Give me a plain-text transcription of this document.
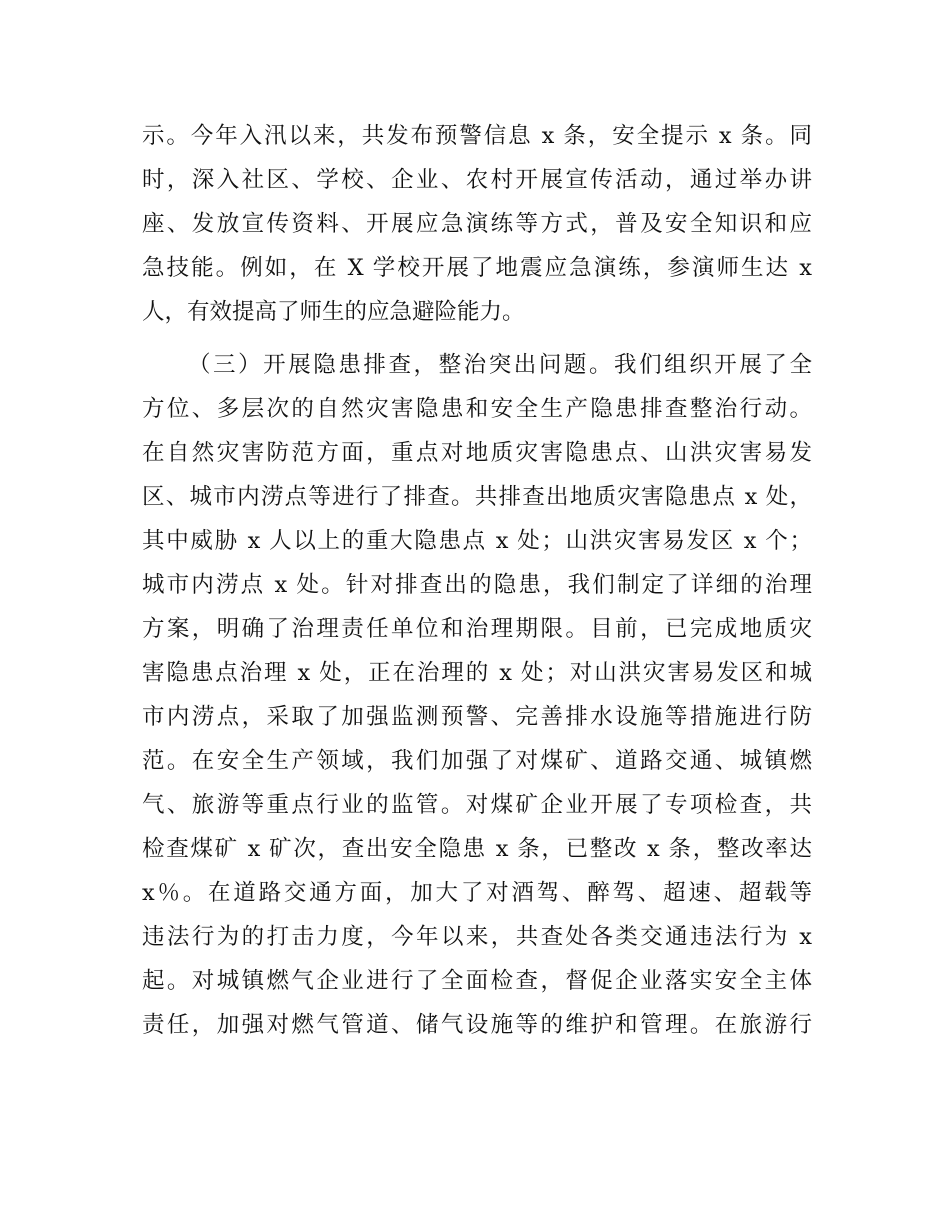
示。今年入汛以来，共发布预警信息 x 条，安全提示 x 条。同
时，深入社区、学校、企业、农村开展宣传活动，通过举办讲
座、发放宣传资料、开展应急演练等方式，普及安全知识和应
急技能。例如，在 X 学校开展了地震应急演练，参演师生达 x
人，有效提高了师生的应急避险能力。
（三）开展隐患排查，整治突出问题。我们组织开展了全
方位、多层次的自然灾害隐患和安全生产隐患排查整治行动。
在自然灾害防范方面，重点对地质灾害隐患点、山洪灾害易发
区、城市内涝点等进行了排查。共排查出地质灾害隐患点 x 处，
其中威胁 x 人以上的重大隐患点 x 处；山洪灾害易发区 x 个；
城市内涝点 x 处。针对排查出的隐患，我们制定了详细的治理
方案，明确了治理责任单位和治理期限。目前，已完成地质灾
害隐患点治理 x 处，正在治理的 x 处；对山洪灾害易发区和城
市内涝点，采取了加强监测预警、完善排水设施等措施进行防
范。在安全生产领域，我们加强了对煤矿、道路交通、城镇燃
气、旅游等重点行业的监管。对煤矿企业开展了专项检查，共
检查煤矿 x 矿次，查出安全隐患 x 条，已整改 x 条，整改率达
x％。在道路交通方面，加大了对酒驾、醉驾、超速、超载等
违法行为的打击力度，今年以来，共查处各类交通违法行为 x
起。对城镇燃气企业进行了全面检查，督促企业落实安全主体
责任，加强对燃气管道、储气设施等的维护和管理。在旅游行
